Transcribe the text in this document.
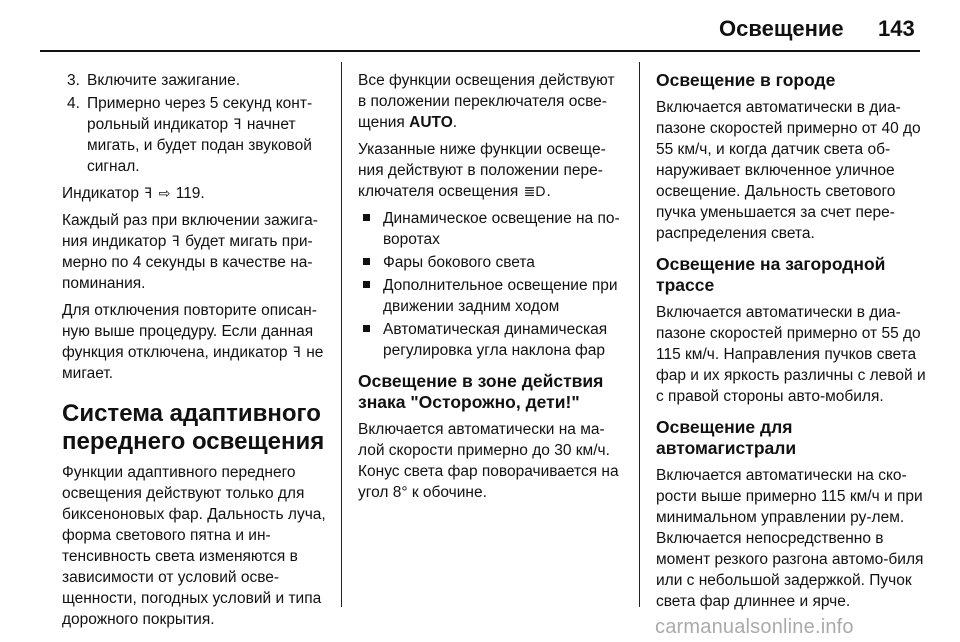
Освещение 143
3. Включите зажигание.
4. Примерно через 5 секунд конт-рольный индикатор ꟻ начнет мигать, и будет подан звуковой сигнал.

Индикатор ꟻ ⇨ 119.

Каждый раз при включении зажига-ния индикатор ꟻ будет мигать при-мерно по 4 секунды в качестве на-поминания.

Для отключения повторите описан-ную выше процедуру. Если данная функция отключена, индикатор ꟻ не мигает.

Система адаптивного переднего освещения

Функции адаптивного переднего освещения действуют только для биксеноновых фар. Дальность луча, форма светового пятна и ин-тенсивность света изменяются в зависимости от условий осве-щенности, погодных условий и типа дорожного покрытия.

Все функции освещения действуют в положении переключателя осве-щения AUTO.

Указанные ниже функции освеще-ния действуют в положении пере-ключателя освещения ≣D.

Динамическое освещение на по-воротах
Фары бокового света
Дополнительное освещение при движении задним ходом
Автоматическая динамическая регулировка угла наклона фар

Освещение в зоне действия знака "Осторожно, дети!"

Включается автоматически на ма-лой скорости примерно до 30 км/ч. Конус света фар поворачивается на угол 8° к обочине.

Освещение в городе

Включается автоматически в диа-пазоне скоростей примерно от 40 до 55 км/ч, и когда датчик света об-наруживает включенное уличное освещение. Дальность светового пучка уменьшается за счет пере-распределения света.

Освещение на загородной трассе

Включается автоматически в диа-пазоне скоростей примерно от 55 до 115 км/ч. Направления пучков света фар и их яркость различны с левой и с правой стороны авто-мобиля.

Освещение для автомагистрали

Включается автоматически на ско-рости выше примерно 115 км/ч и при минимальном управлении ру-лем. Включается непосредственно в момент резкого разгона автомо-биля или с небольшой задержкой. Пучок света фар длиннее и ярче.

carmanualsonline.info
